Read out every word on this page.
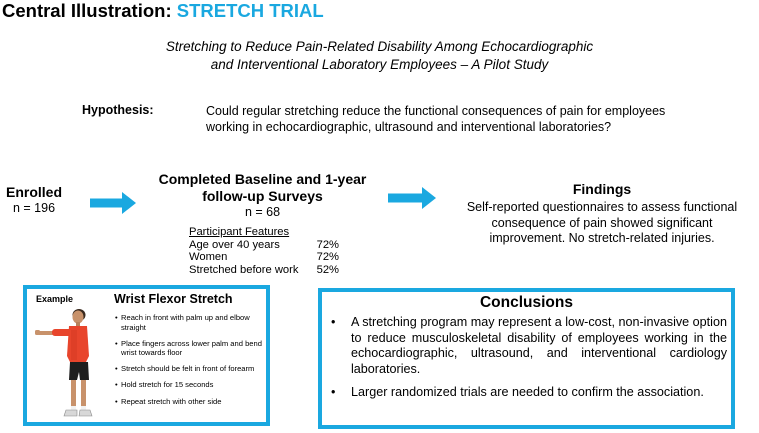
Central Illustration: STRETCH TRIAL
Stretching to Reduce Pain-Related Disability Among Echocardiographic
and Interventional Laboratory Employees – A Pilot Study
Hypothesis:	Could regular stretching reduce the functional consequences of pain for employees working in echocardiographic, ultrasound and interventional laboratories?
Enrolled
n = 196
Completed Baseline and 1-year
follow-up Surveys
n = 68
Participant Features
Age over 40 years	72%
Women	72%
Stretched before work 52%
Findings
Self-reported questionnaires to assess functional consequence of pain showed significant improvement. No stretch-related injuries.
Example	Wrist Flexor Stretch
• Reach in front with palm up and elbow straight
• Place fingers across lower palm and bend wrist towards floor
• Stretch should be felt in front of forearm
• Hold stretch for 15 seconds
• Repeat stretch with other side
Conclusions
• A stretching program may represent a low-cost, non-invasive option to reduce musculoskeletal disability of employees working in the echocardiographic, ultrasound, and interventional cardiology laboratories.
• Larger randomized trials are needed to confirm the association.
